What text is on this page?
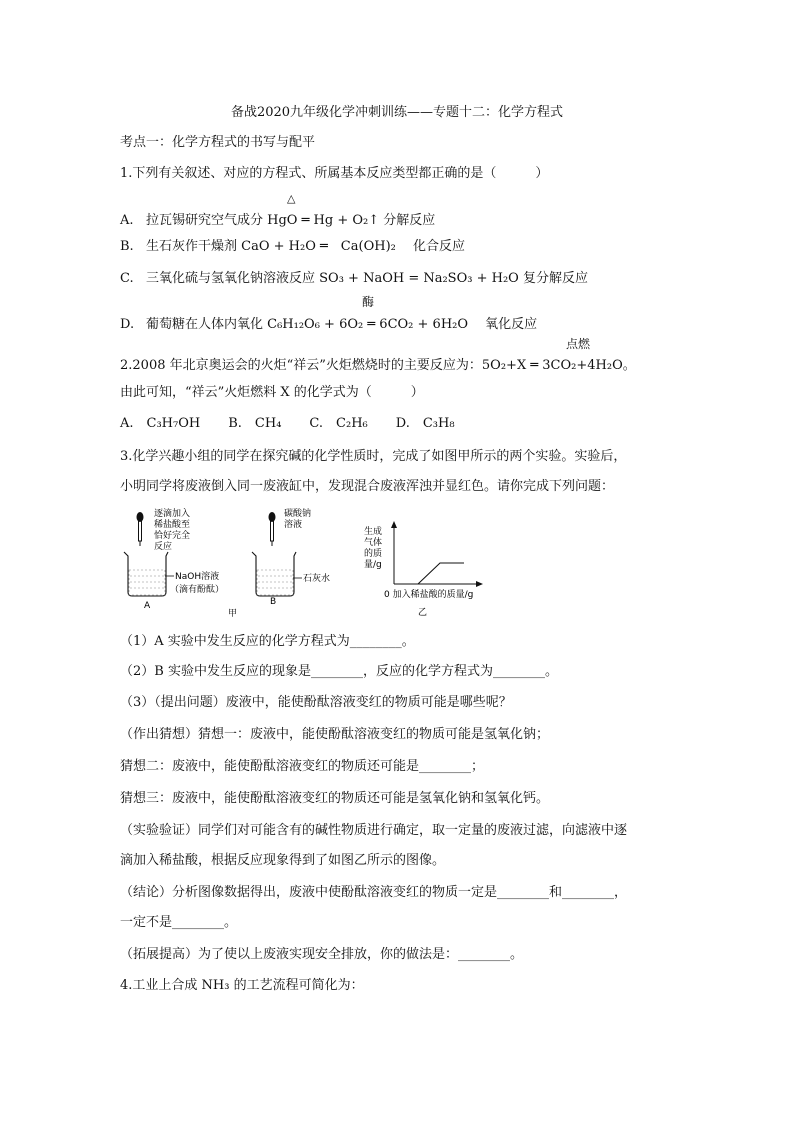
备战2020九年级化学冲刺训练——专题十二：化学方程式
考点一：化学方程式的书写与配平
1.下列有关叙述、对应的方程式、所属基本反应类型都正确的是（　　　）
△
A. 拉瓦锡研究空气成分 HgO ═ Hg + O₂↑ 分解反应
B. 生石灰作干燥剂 CaO + H₂O ═　Ca(OH)₂　 化合反应
C. 三氧化硫与氢氧化钠溶液反应 SO₃ + NaOH = Na₂SO₃ + H₂O 复分解反应
酶
D. 葡萄糖在人体内氧化 C₆H₁₂O₆ + 6O₂ ═ 6CO₂ + 6H₂O　 氧化反应
点燃
2.2008 年北京奥运会的火炬“祥云”火炬燃烧时的主要反应为：5O₂+X ═ 3CO₂+4H₂O。
由此可知，“祥云”火炬燃料 X 的化学式为（　　　）
A.　C₃H₇OH B.　CH₄ C.　C₂H₆ D.　C₃H₈
3.化学兴趣小组的同学在探究碱的化学性质时，完成了如图甲所示的两个实验。实验后，
小明同学将废液倒入同一废液缸中，发现混合废液浑浊并显红色。请你完成下列问题：
逐滴加入
稀盐酸至
恰好完全
反应
NaOH溶液
（滴有酚酞）
A
甲
碳酸钠
溶液
石灰水
B
生成
气体
的质
量/g
0 加入稀盐酸的质量/g
乙
（1）A 实验中发生反应的化学方程式为________。
（2）B 实验中发生反应的现象是________，反应的化学方程式为________。
（3）（提出问题）废液中，能使酚酞溶液变红的物质可能是哪些呢？
（作出猜想）猜想一：废液中，能使酚酞溶液变红的物质可能是氢氧化钠；
猜想二：废液中，能使酚酞溶液变红的物质还可能是________；
猜想三：废液中，能使酚酞溶液变红的物质还可能是氢氧化钠和氢氧化钙。
（实验验证）同学们对可能含有的碱性物质进行确定，取一定量的废液过滤，向滤液中逐
滴加入稀盐酸，根据反应现象得到了如图乙所示的图像。
（结论）分析图像数据得出，废液中使酚酞溶液变红的物质一定是________和________，
一定不是________。
（拓展提高）为了使以上废液实现安全排放，你的做法是：________。
4.工业上合成 NH₃ 的工艺流程可简化为：
